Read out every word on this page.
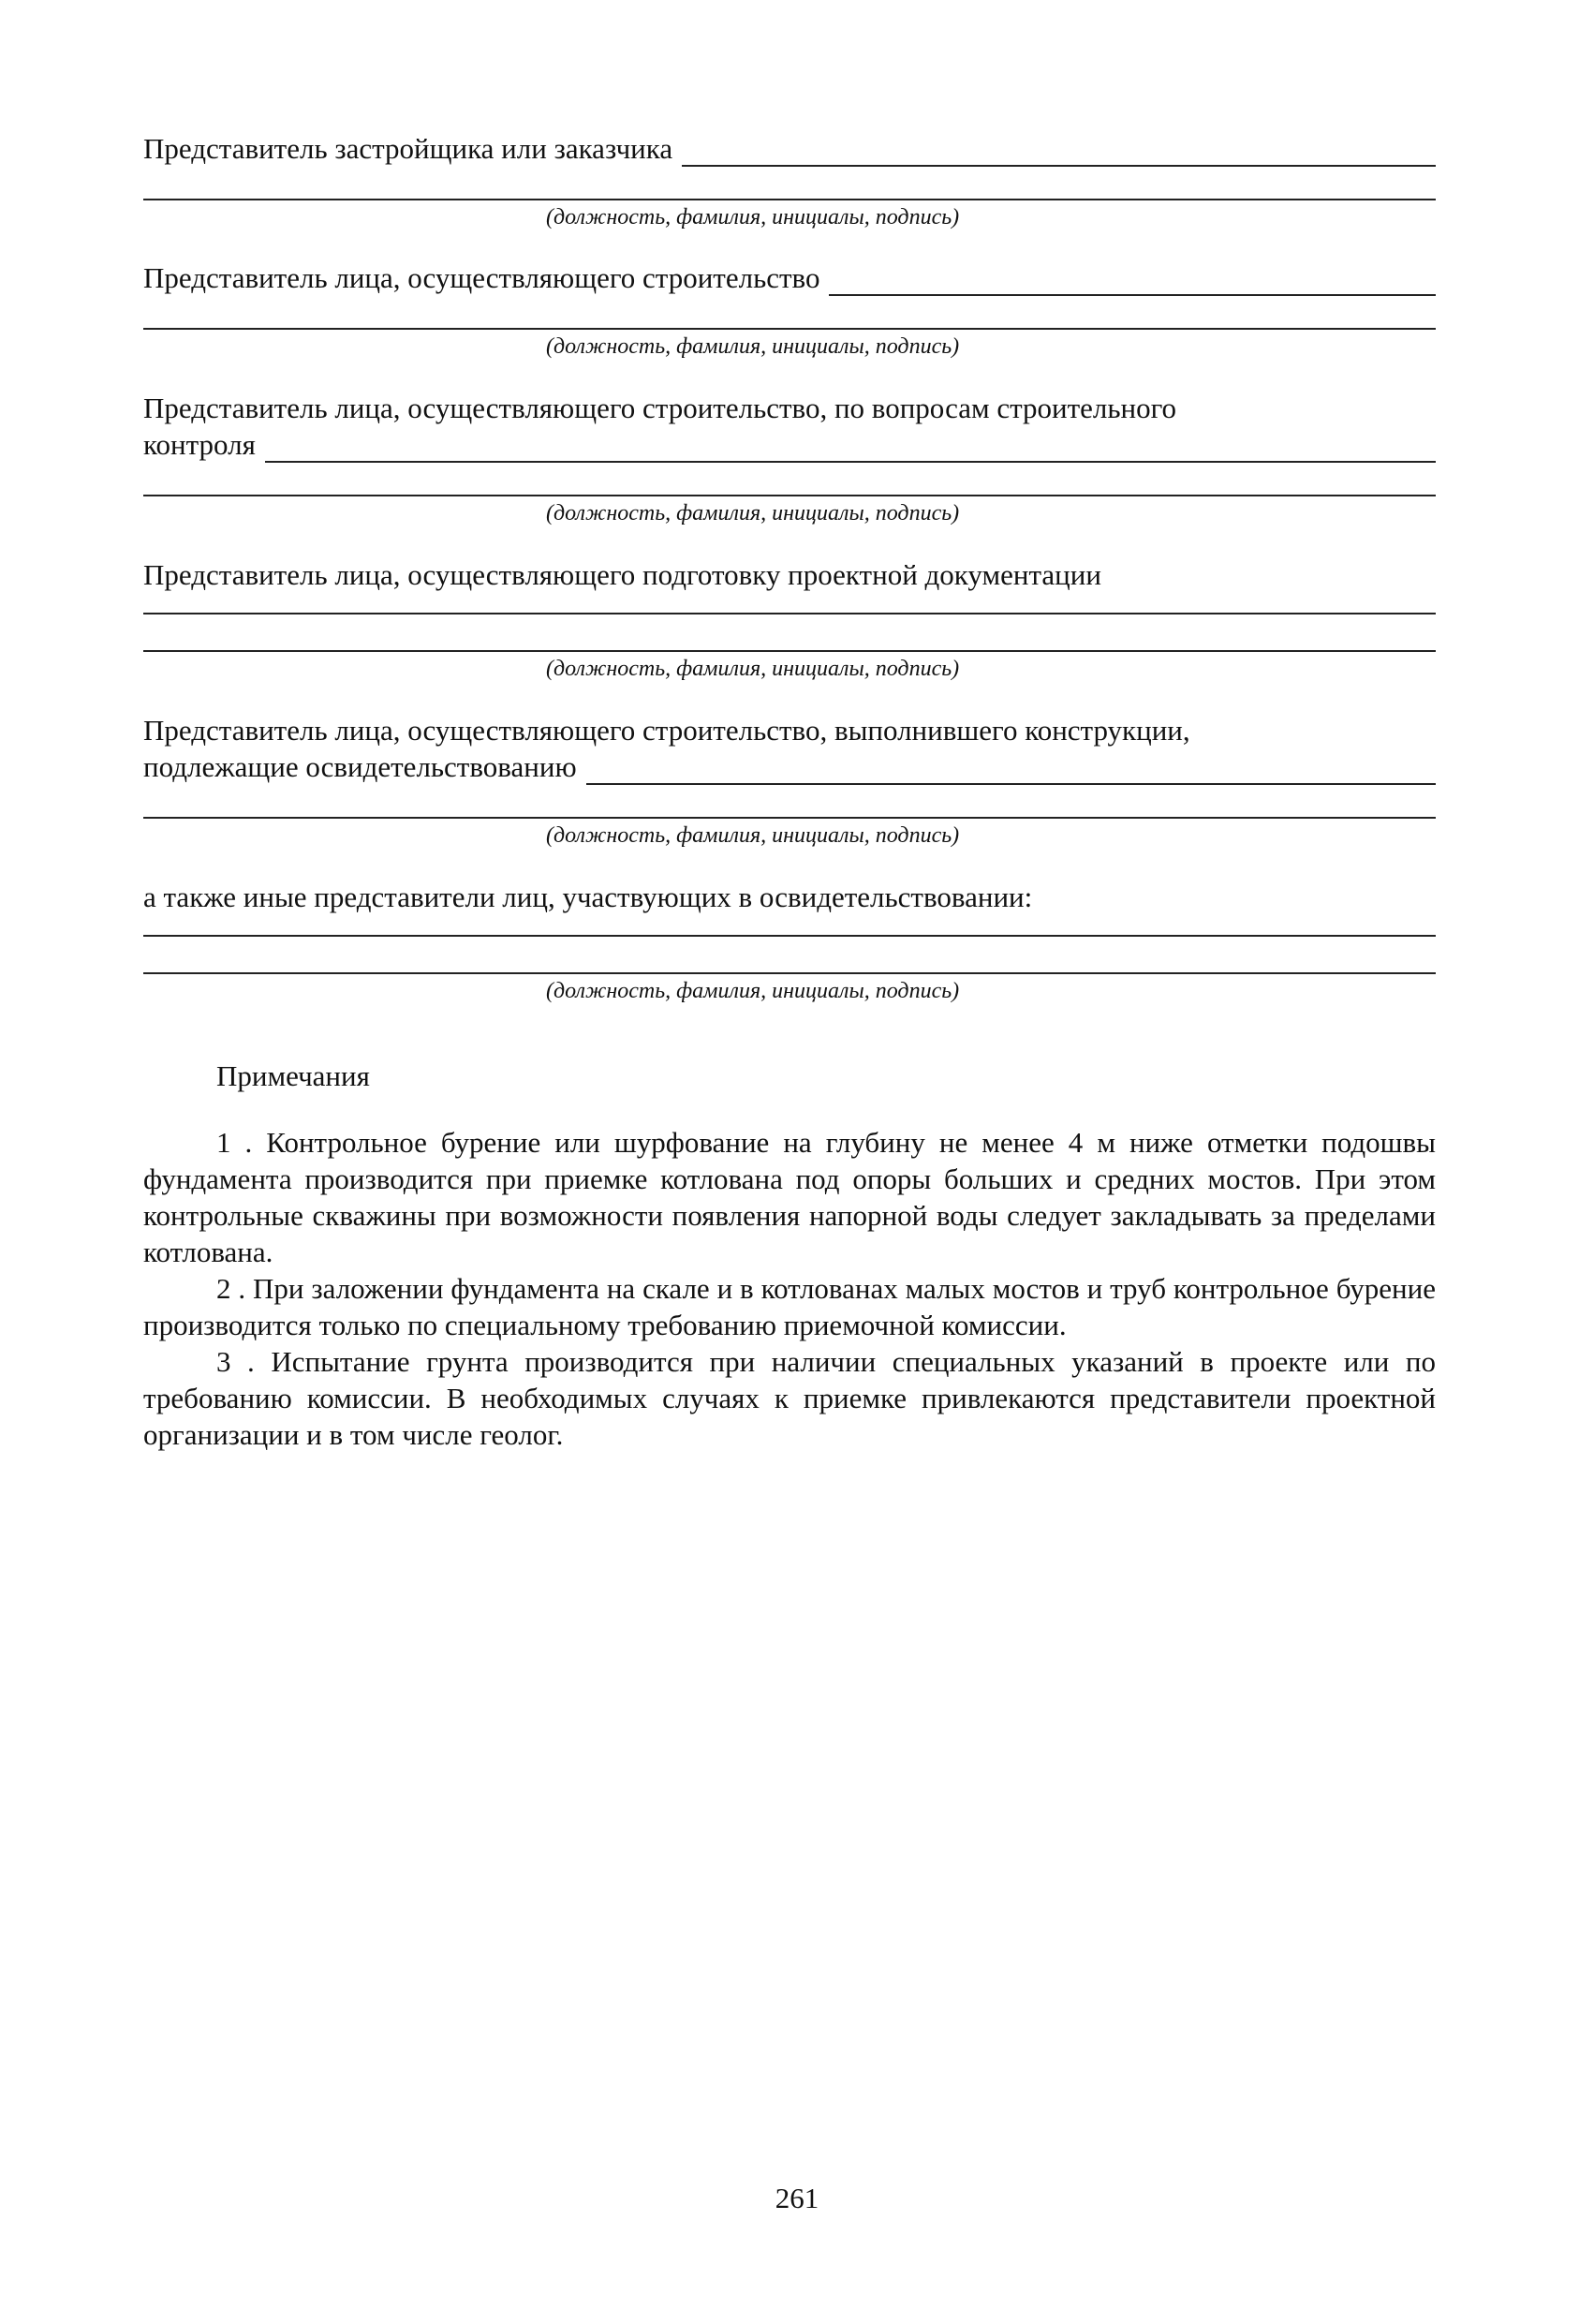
Представитель застройщика или заказчика
(должность, фамилия, инициалы, подпись)
Представитель лица, осуществляющего строительство
(должность, фамилия, инициалы, подпись)
Представитель лица, осуществляющего строительство, по вопросам строительного
контроля
(должность, фамилия, инициалы, подпись)
Представитель лица, осуществляющего подготовку проектной документации
(должность, фамилия, инициалы, подпись)
Представитель лица, осуществляющего строительство, выполнившего конструкции,
подлежащие освидетельствованию
(должность, фамилия, инициалы, подпись)
а также иные представители лиц, участвующих в освидетельствовании:
(должность, фамилия, инициалы, подпись)
Примечания

1 . Контрольное бурение или шурфование на глубину не менее 4 м ниже отметки подошвы фундамента производится при приемке котлована под опоры больших и средних мостов. При этом контрольные скважины при возможности появления напорной воды следует закладывать за пределами котлована.

2 . При заложении фундамента на скале и в котлованах малых мостов и труб контрольное бурение производится только по специальному требованию приемочной комиссии.

3 . Испытание грунта производится при наличии специальных указаний в проекте или по требованию комиссии. В необходимых случаях к приемке привлекаются представители проектной организации и в том числе геолог.

261
